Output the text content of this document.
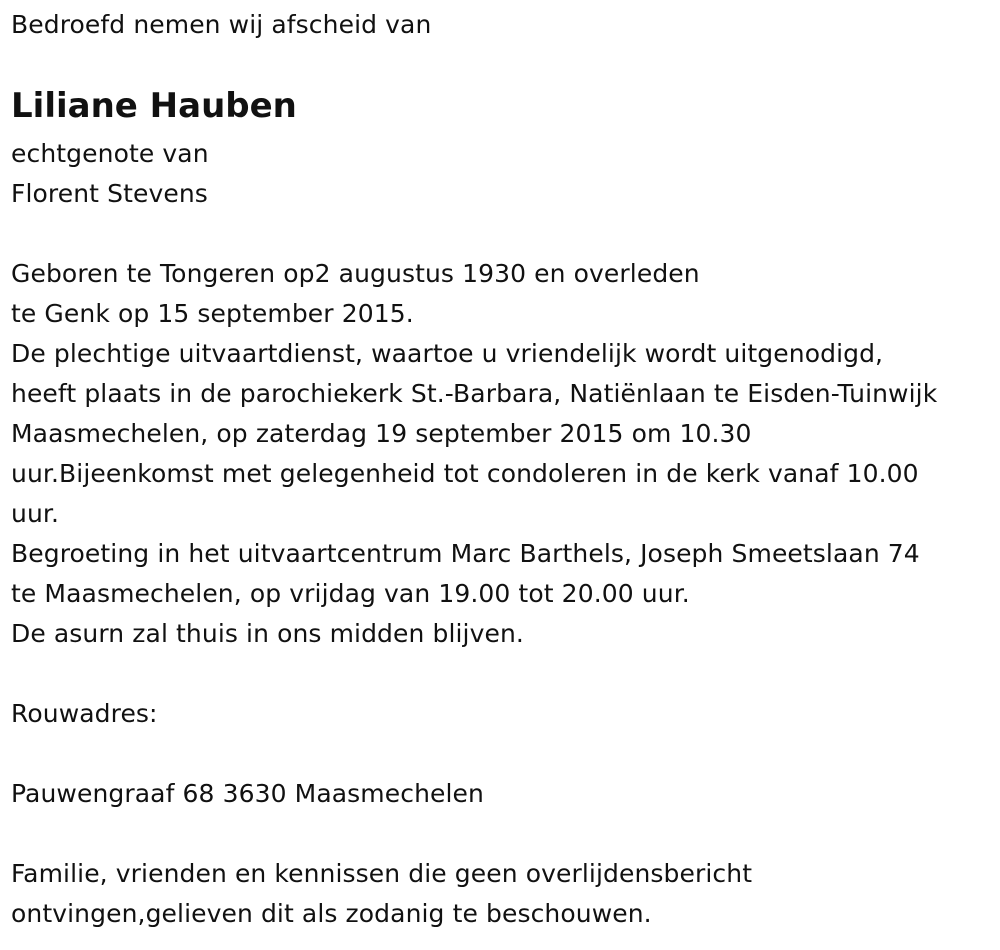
Bedroefd nemen wij afscheid van
Liliane Hauben
echtgenote van
Florent Stevens
Geboren te Tongeren op2 augustus 1930 en overleden
te Genk op 15 september 2015.
De plechtige uitvaartdienst, waartoe u vriendelijk wordt uitgenodigd,
heeft plaats in de parochiekerk St.-Barbara, Natiënlaan te Eisden-Tuinwijk
Maasmechelen, op zaterdag 19 september 2015 om 10.30
uur.Bijeenkomst met gelegenheid tot condoleren in de kerk vanaf 10.00
uur.
Begroeting in het uitvaartcentrum Marc Barthels, Joseph Smeetslaan 74
te Maasmechelen, op vrijdag van 19.00 tot 20.00 uur.
De asurn zal thuis in ons midden blijven.
Rouwadres:
Pauwengraaf 68 3630 Maasmechelen
Familie, vrienden en kennissen die geen overlijdensbericht
ontvingen,gelieven dit als zodanig te beschouwen.
